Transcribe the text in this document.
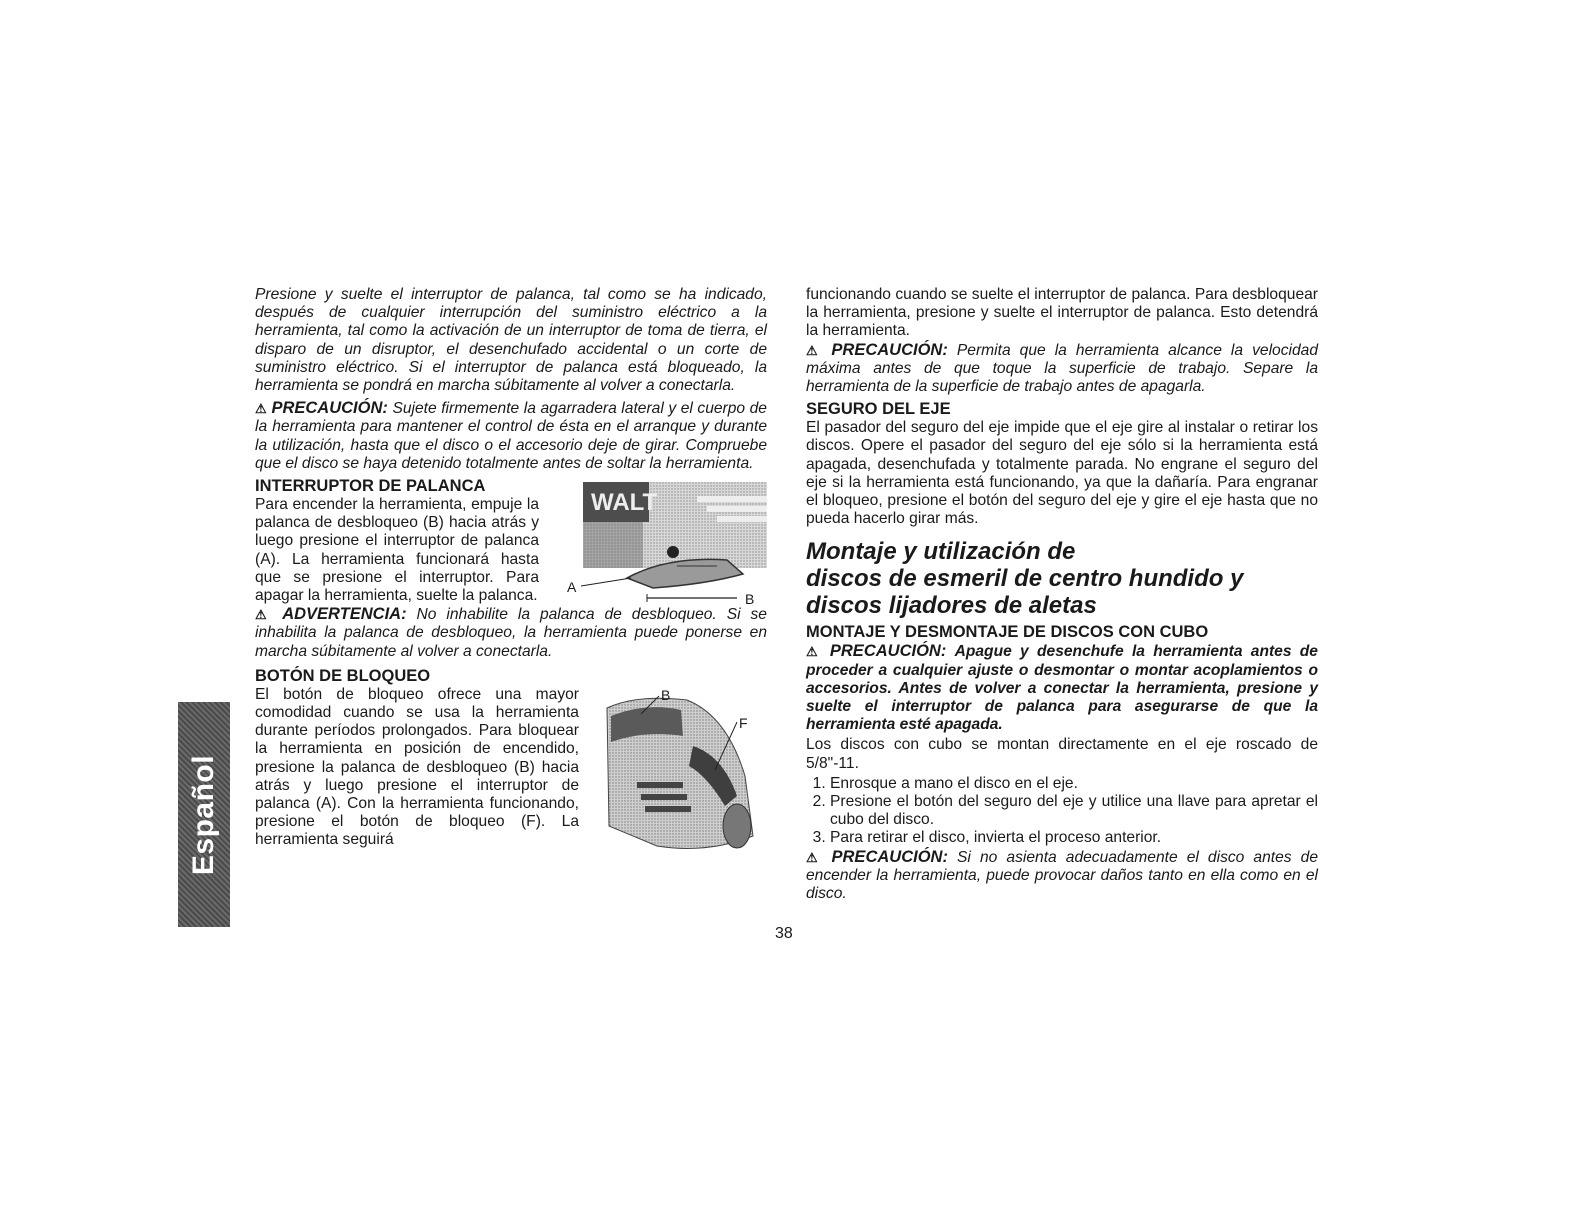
Español

Presione y suelte el interruptor de palanca, tal como se ha indicado, después de cualquier interrupción del suministro eléctrico a la herramienta, tal como la activación de un interruptor de toma de tierra, el disparo de un disruptor, el desenchufado accidental o un corte de suministro eléctrico. Si el interruptor de palanca está bloqueado, la herramienta se pondrá en marcha súbitamente al volver a conectarla.

⚠ PRECAUCIÓN: Sujete firmemente la agarradera lateral y el cuerpo de la herramienta para mantener el control de ésta en el arranque y durante la utilización, hasta que el disco o el accesorio deje de girar. Compruebe que el disco se haya detenido totalmente antes de soltar la herramienta.

INTERRUPTOR DE PALANCA
WALT
A
B

Para encender la herramienta, empuje la palanca de desbloqueo (B) hacia atrás y luego presione el interruptor de palanca (A). La herramienta funcionará hasta que se presione el interruptor. Para apagar la herramienta, suelte la palanca.

⚠ ADVERTENCIA: No inhabilite la palanca de desbloqueo. Si se inhabilita la palanca de desbloqueo, la herramienta puede ponerse en marcha súbitamente al volver a conectarla.

BOTÓN DE BLOQUEO
B
F

El botón de bloqueo ofrece una mayor comodidad cuando se usa la herramienta durante períodos prolongados. Para bloquear la herramienta en posición de encendido, presione la palanca de desbloqueo (B) hacia atrás y luego presione el interruptor de palanca (A). Con la herramienta funcionando, presione el botón de bloqueo (F). La herramienta seguirá

funcionando cuando se suelte el interruptor de palanca. Para desbloquear la herramienta, presione y suelte el interruptor de palanca. Esto detendrá la herramienta.

⚠ PRECAUCIÓN: Permita que la herramienta alcance la velocidad máxima antes de que toque la superficie de trabajo. Separe la herramienta de la superficie de trabajo antes de apagarla.

SEGURO DEL EJE

El pasador del seguro del eje impide que el eje gire al instalar o retirar los discos. Opere el pasador del seguro del eje sólo si la herramienta está apagada, desenchufada y totalmente parada. No engrane el seguro del eje si la herramienta está funcionando, ya que la dañaría. Para engranar el bloqueo, presione el botón del seguro del eje y gire el eje hasta que no pueda hacerlo girar más.

Montaje y utilización de
discos de esmeril de centro hundido y
discos lijadores de aletas
MONTAJE Y DESMONTAJE DE DISCOS CON CUBO

⚠ PRECAUCIÓN: Apague y desenchufe la herramienta antes de proceder a cualquier ajuste o desmontar o montar acoplamientos o accesorios. Antes de volver a conectar la herramienta, presione y suelte el interruptor de palanca para asegurarse de que la herramienta esté apagada.

Los discos con cubo se montan directamente en el eje roscado de 5/8"-11.

1. Enrosque a mano el disco en el eje.
2. Presione el botón del seguro del eje y utilice una llave para apretar el cubo del disco.
3. Para retirar el disco, invierta el proceso anterior.

⚠ PRECAUCIÓN: Si no asienta adecuadamente el disco antes de encender la herramienta, puede provocar daños tanto en ella como en el disco.

38
